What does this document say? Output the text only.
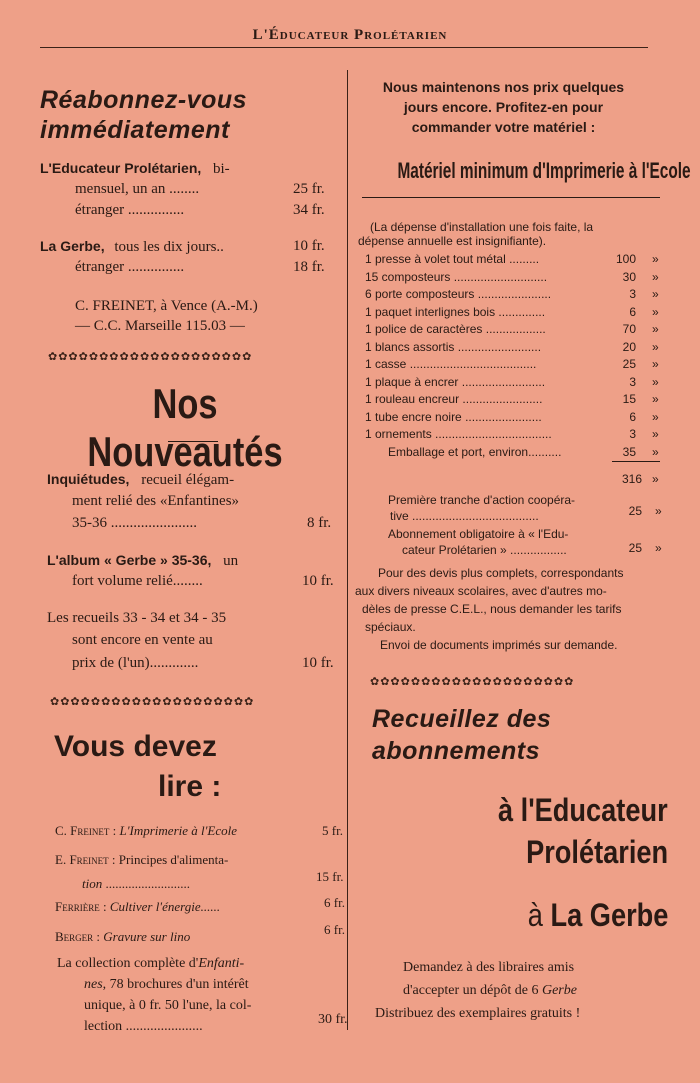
L'Éducateur Prolétarien
Réabonnez-vous
immédiatement
L'Educateur Prolétarien, bi-
mensuel, un an ........	25 fr.
étranger ...............	34 fr.
La Gerbe, tous les dix jours..	10 fr.
étranger ...............	18 fr.
C. FREINET, à Vence (A.-M.)
— C.C. Marseille 115.03 —
✿✿✿✿✿✿✿✿✿✿✿✿✿✿✿✿✿✿✿✿
Nos Nouveautés
Inquiétudes, recueil élégam-
ment relié des «Enfantines»
35-36 .......................	8 fr.
L'album « Gerbe » 35-36, un
fort volume relié........	10 fr.
Les recueils 33 - 34 et 34 - 35
sont encore en vente au
prix de (l'un).............	10 fr.
✿✿✿✿✿✿✿✿✿✿✿✿✿✿✿✿✿✿✿✿
Vous devez
lire :
C. Freinet : L'Imprimerie à l'Ecole	5 fr.
E. Freinet : Principes d'alimenta-
tion ..........................	15 fr.
Ferrière : Cultiver l'énergie......	6 fr.
Berger : Gravure sur lino	6 fr.
La collection complète d'Enfanti-
nes, 78 brochures d'un intérêt
unique, à 0 fr. 50 l'une, la col-
lection ......................	30 fr.
Nous maintenons nos prix quelques
jours encore. Profitez-en pour
commander votre matériel :
Matériel minimum d'Imprimerie à l'Ecole
(La dépense d'installation une fois faite, la
dépense annuelle est insignifiante).
1 presse à volet tout métal .........	100 »
15 composteurs ............................	30 »
6 porte composteurs ......................	3 »
1 paquet interlignes bois ..............	6 »
1 police de caractères ..................	70 »
1 blancs assortis .........................	20 »
1 casse ......................................	25 »
1 plaque à encrer .........................	3 »
1 rouleau encreur ........................	15 »
1 tube encre noire .......................	6 »
1 ornements ...................................	3 »
Emballage et port, environ..........	35 »
316 »
Première tranche d'action coopéra-
tive ......................................	25 »
Abonnement obligatoire à « l'Edu-
cateur Prolétarien » .................	25 »
Pour des devis plus complets, correspondants
aux divers niveaux scolaires, avec d'autres mo-
dèles de presse C.E.L., nous demander les tarifs
spéciaux.
Envoi de documents imprimés sur demande.
✿✿✿✿✿✿✿✿✿✿✿✿✿✿✿✿✿✿✿✿
Recueillez des
abonnements
à l'Educateur
Prolétarien
à La Gerbe
Demandez à des libraires amis
d'accepter un dépôt de 6 Gerbe
Distribuez des exemplaires gratuits !
